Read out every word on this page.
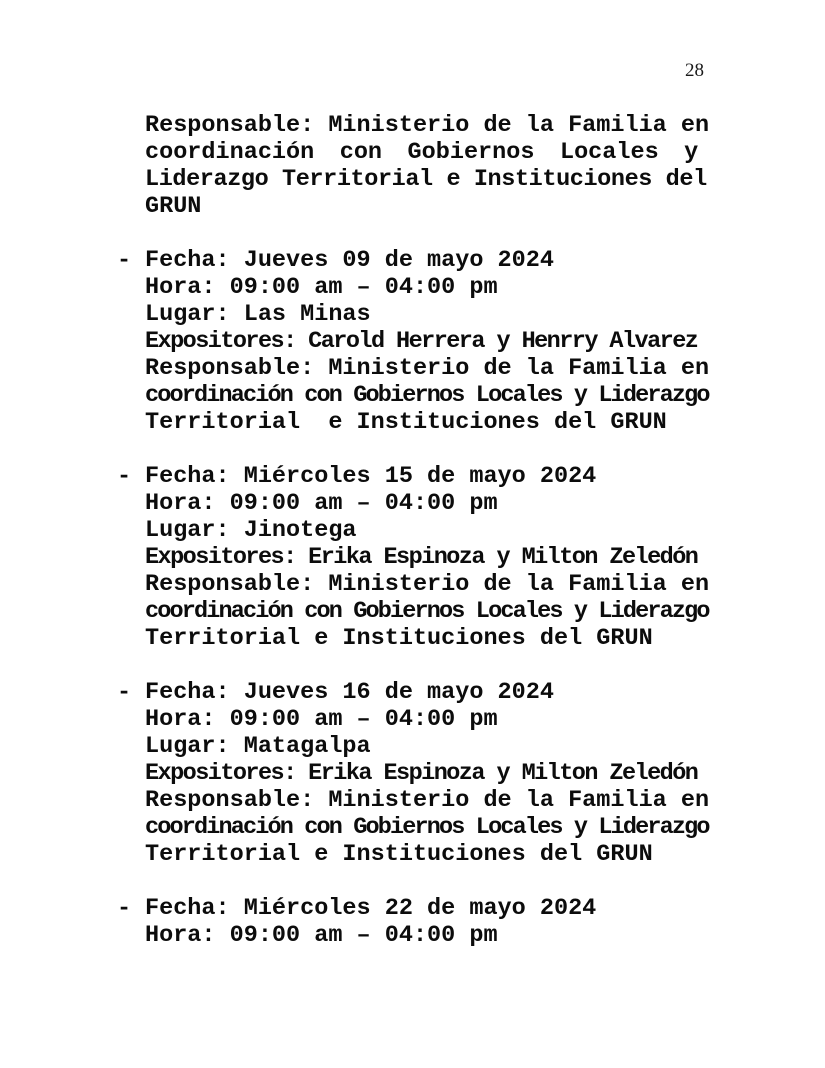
28
Responsable: Ministerio de la Familia en
coordinación con Gobiernos Locales y
Liderazgo Territorial e Instituciones del
GRUN
- Fecha: Jueves 09 de mayo 2024
Hora: 09:00 am – 04:00 pm
Lugar: Las Minas
Expositores: Carold Herrera y Henrry Alvarez
Responsable: Ministerio de la Familia en
coordinación con Gobiernos Locales y Liderazgo
Territorial  e Instituciones del GRUN
- Fecha: Miércoles 15 de mayo 2024
Hora: 09:00 am – 04:00 pm
Lugar: Jinotega
Expositores: Erika Espinoza y Milton Zeledón
Responsable: Ministerio de la Familia en
coordinación con Gobiernos Locales y Liderazgo
Territorial e Instituciones del GRUN
- Fecha: Jueves 16 de mayo 2024
Hora: 09:00 am – 04:00 pm
Lugar: Matagalpa
Expositores: Erika Espinoza y Milton Zeledón
Responsable: Ministerio de la Familia en
coordinación con Gobiernos Locales y Liderazgo
Territorial e Instituciones del GRUN
- Fecha: Miércoles 22 de mayo 2024
Hora: 09:00 am – 04:00 pm
